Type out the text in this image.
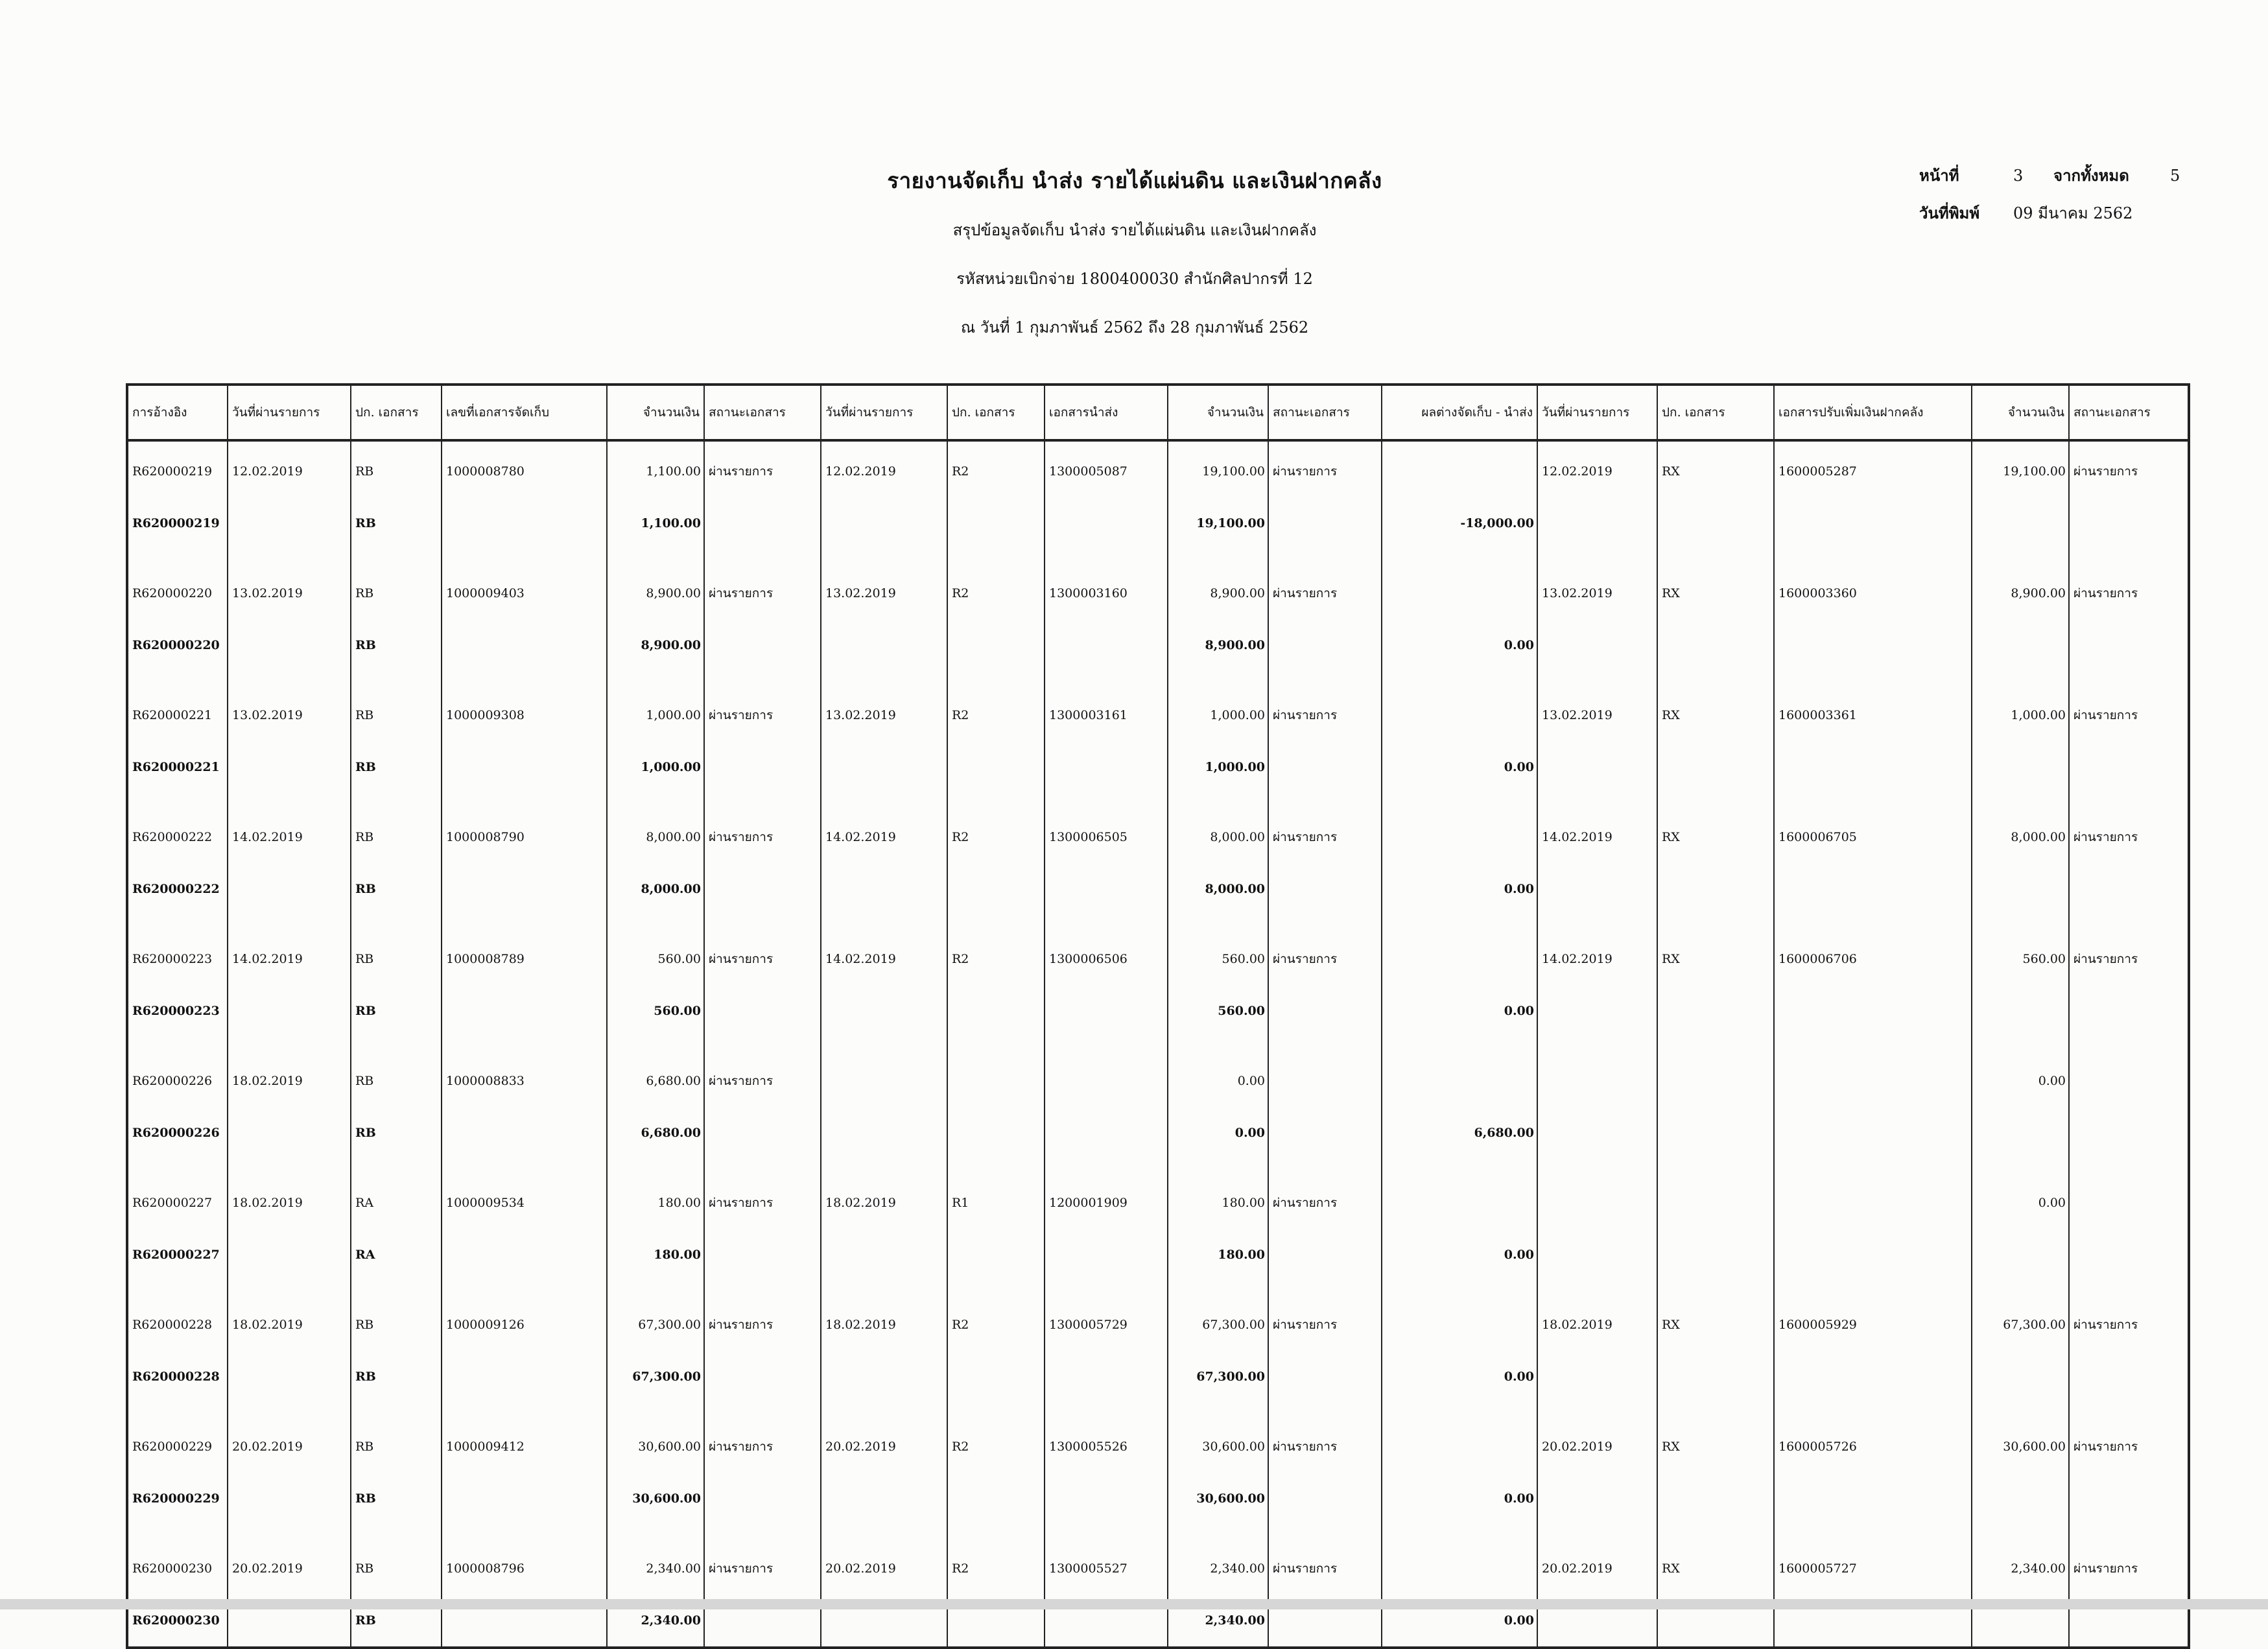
รายงานจัดเก็บ นำส่ง รายได้แผ่นดิน และเงินฝากคลัง
สรุปข้อมูลจัดเก็บ นำส่ง รายได้แผ่นดิน และเงินฝากคลัง
รหัสหน่วยเบิกจ่าย 1800400030 สำนักศิลปากรที่ 12
ณ วันที่ 1 กุมภาพันธ์ 2562 ถึง 28 กุมภาพันธ์ 2562
หน้าที่	3 จากทั้งหมด	5
วันที่พิมพ์ 09 มีนาคม 2562
การอ้างอิง	วันที่ผ่านรายการ	ปก. เอกสาร	เลขที่เอกสารจัดเก็บ	จำนวนเงิน	สถานะเอกสาร	วันที่ผ่านรายการ	ปก. เอกสาร	เอกสารนำส่ง	จำนวนเงิน	สถานะเอกสาร	ผลต่างจัดเก็บ - นำส่ง	วันที่ผ่านรายการ	ปก. เอกสาร	เอกสารปรับเพิ่มเงินฝากคลัง	จำนวนเงิน	สถานะเอกสาร
R620000219	12.02.2019	RB	1000008780	1,100.00	ผ่านรายการ	12.02.2019	R2	1300005087	19,100.00	ผ่านรายการ		12.02.2019	RX	1600005287	19,100.00	ผ่านรายการ
R620000219		RB		1,100.00					19,100.00		-18,000.00					
R620000220	13.02.2019	RB	1000009403	8,900.00	ผ่านรายการ	13.02.2019	R2	1300003160	8,900.00	ผ่านรายการ		13.02.2019	RX	1600003360	8,900.00	ผ่านรายการ
R620000220		RB		8,900.00					8,900.00		0.00					
R620000221	13.02.2019	RB	1000009308	1,000.00	ผ่านรายการ	13.02.2019	R2	1300003161	1,000.00	ผ่านรายการ		13.02.2019	RX	1600003361	1,000.00	ผ่านรายการ
R620000221		RB		1,000.00					1,000.00		0.00					
R620000222	14.02.2019	RB	1000008790	8,000.00	ผ่านรายการ	14.02.2019	R2	1300006505	8,000.00	ผ่านรายการ		14.02.2019	RX	1600006705	8,000.00	ผ่านรายการ
R620000222		RB		8,000.00					8,000.00		0.00					
R620000223	14.02.2019	RB	1000008789	560.00	ผ่านรายการ	14.02.2019	R2	1300006506	560.00	ผ่านรายการ		14.02.2019	RX	1600006706	560.00	ผ่านรายการ
R620000223		RB		560.00					560.00		0.00					
R620000226	18.02.2019	RB	1000008833	6,680.00	ผ่านรายการ				0.00						0.00	
R620000226		RB		6,680.00					0.00		6,680.00					
R620000227	18.02.2019	RA	1000009534	180.00	ผ่านรายการ	18.02.2019	R1	1200001909	180.00	ผ่านรายการ					0.00	
R620000227		RA		180.00					180.00		0.00					
R620000228	18.02.2019	RB	1000009126	67,300.00	ผ่านรายการ	18.02.2019	R2	1300005729	67,300.00	ผ่านรายการ		18.02.2019	RX	1600005929	67,300.00	ผ่านรายการ
R620000228		RB		67,300.00					67,300.00		0.00					
R620000229	20.02.2019	RB	1000009412	30,600.00	ผ่านรายการ	20.02.2019	R2	1300005526	30,600.00	ผ่านรายการ		20.02.2019	RX	1600005726	30,600.00	ผ่านรายการ
R620000229		RB		30,600.00					30,600.00		0.00					
R620000230	20.02.2019	RB	1000008796	2,340.00	ผ่านรายการ	20.02.2019	R2	1300005527	2,340.00	ผ่านรายการ		20.02.2019	RX	1600005727	2,340.00	ผ่านรายการ
R620000230		RB		2,340.00					2,340.00		0.00					
